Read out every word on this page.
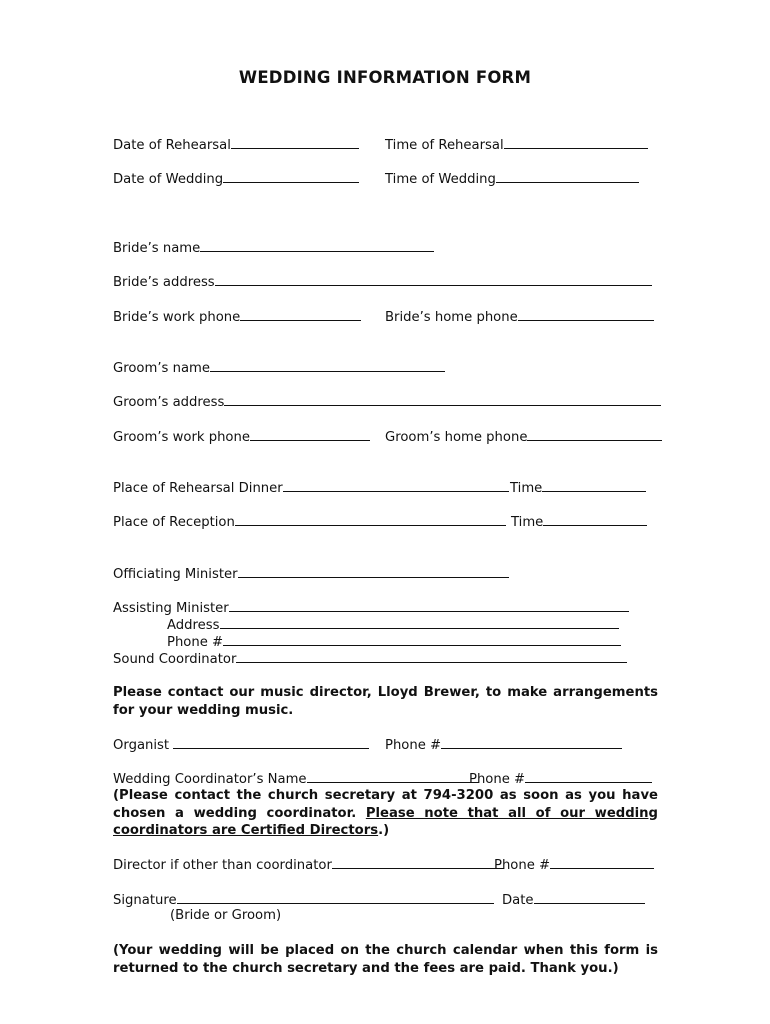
WEDDING INFORMATION FORM
Date of Rehearsal	Time of Rehearsal
Date of Wedding	Time of Wedding
Bride’s name
Bride’s address
Bride’s work phone	Bride’s home phone
Groom’s name
Groom’s address
Groom’s work phone	Groom’s home phone
Place of Rehearsal Dinner	Time
Place of Reception	Time
Officiating Minister
Assisting Minister
Address
Phone #
Sound Coordinator
Please contact our music director, Lloyd Brewer, to make arrangements for your wedding music.
Organist	Phone #
Wedding Coordinator’s Name	Phone #
(Please contact the church secretary at 794-3200 as soon as you have chosen a wedding coordinator. Please note that all of our wedding coordinators are Certified Directors.)
Director if other than coordinator	Phone #
Signature	Date
(Bride or Groom)
(Your wedding will be placed on the church calendar when this form is returned to the church secretary and the fees are paid. Thank you.)
